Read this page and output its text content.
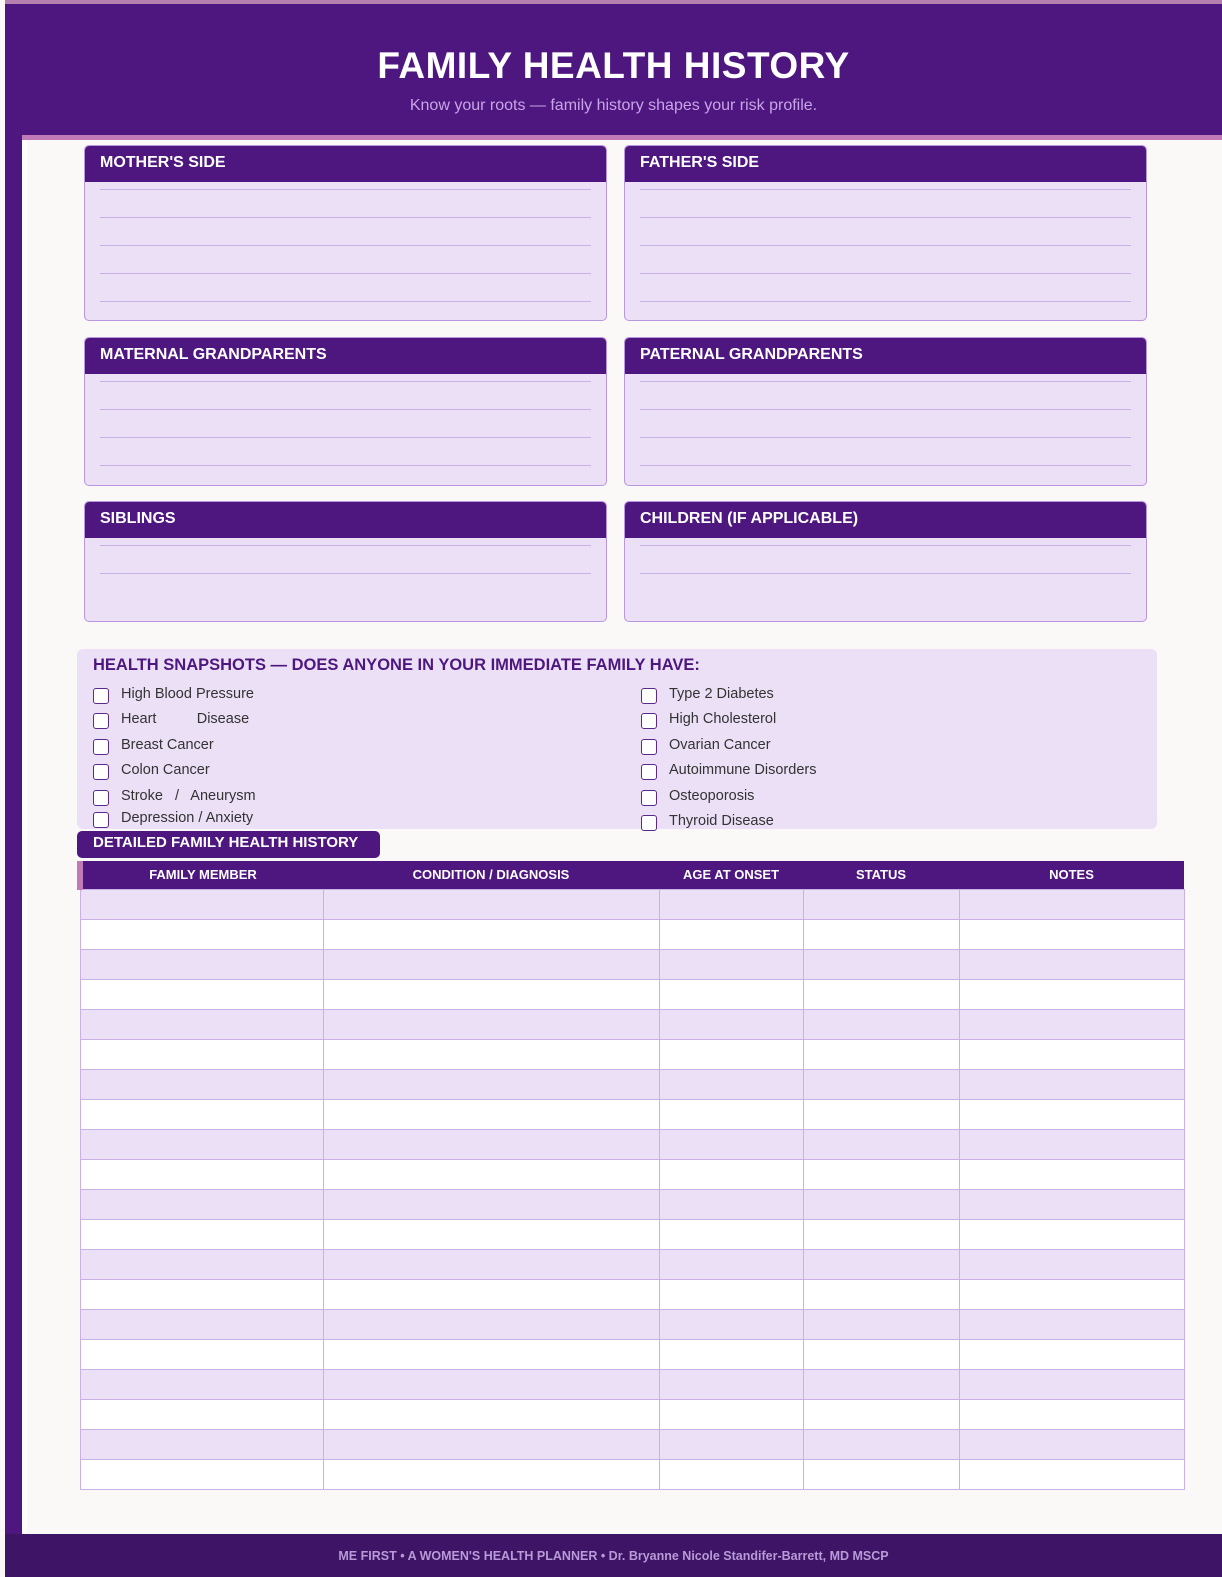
FAMILY HEALTH HISTORY
Know your roots — family history shapes your risk profile.
MOTHER'S SIDE	FATHER'S SIDE
MATERNAL GRANDPARENTS	PATERNAL GRANDPARENTS
SIBLINGS	CHILDREN (IF APPLICABLE)
HEALTH SNAPSHOTS — DOES ANYONE IN YOUR IMMEDIATE FAMILY HAVE:
High Blood Pressure
Heart          Disease
Breast Cancer
Colon Cancer
Stroke   /   Aneurysm
Depression / Anxiety
Type 2 Diabetes
High Cholesterol
Ovarian Cancer
Autoimmune Disorders
Osteoporosis
Thyroid Disease
DETAILED FAMILY HEALTH HISTORY
FAMILY MEMBER	CONDITION / DIAGNOSIS	AGE AT ONSET	STATUS	NOTES

ME FIRST • A WOMEN'S HEALTH PLANNER • Dr. Bryanne Nicole Standifer-Barrett, MD MSCP
